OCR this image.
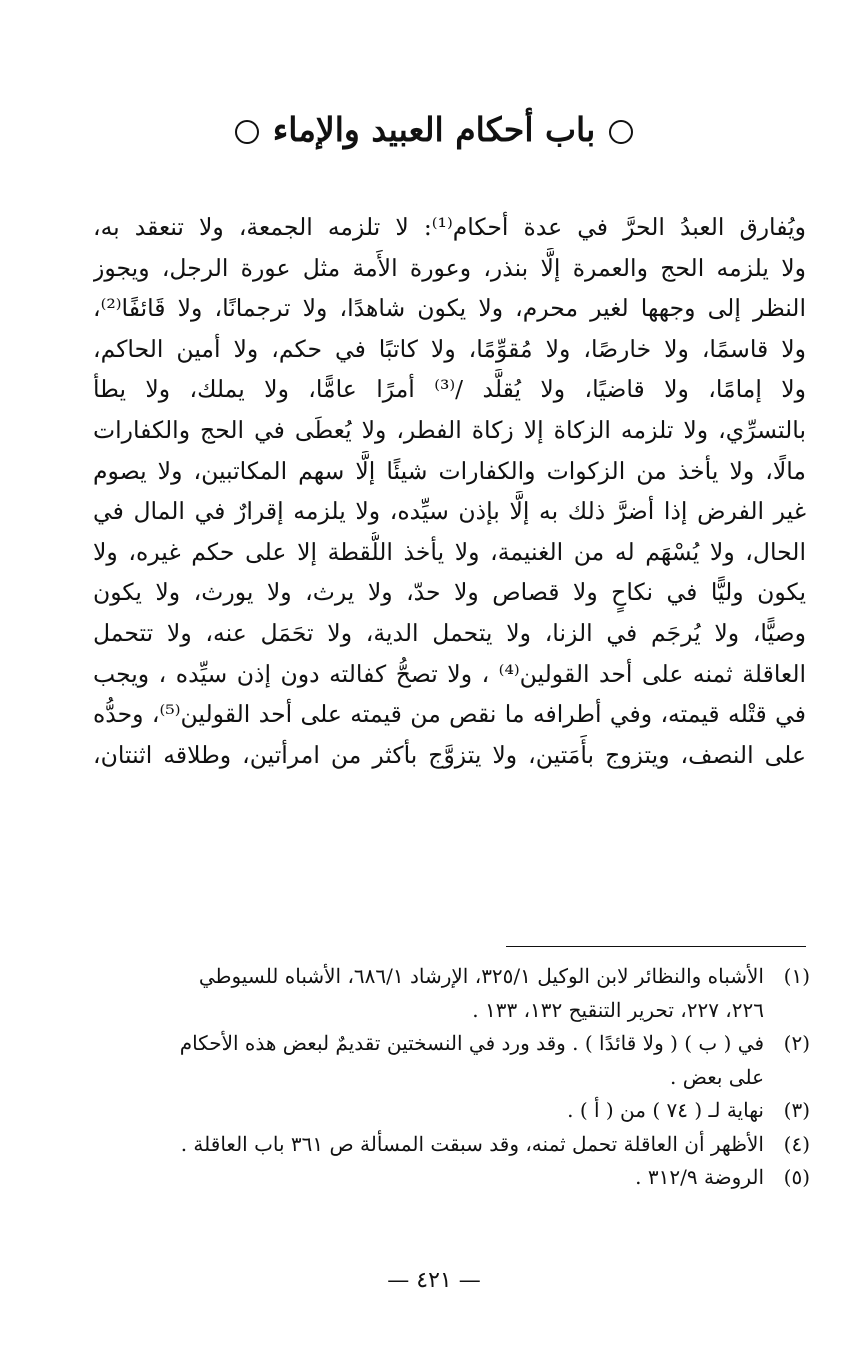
باب أحكام العبيد والإماء
ويُفارق العبدُ الحرَّ في عدة أحكام⁽¹⁾: لا تلزمه الجمعة، ولا تنعقد به،
ولا يلزمه الحج والعمرة إلَّا بنذر، وعورة الأَمة مثل عورة الرجل، ويجوز
النظر إلى وجهها لغير محرم، ولا يكون شاهدًا، ولا ترجمانًا، ولا قَائفًا⁽²⁾،
ولا قاسمًا، ولا خارصًا، ولا مُقوِّمًا، ولا كاتبًا في حكم، ولا أمين الحاكم،
ولا إمامًا، ولا قاضيًا، ولا يُقلَّد /⁽³⁾ أمرًا عامًّا، ولا يملك، ولا يطأ
بالتسرِّي، ولا تلزمه الزكاة إلا زكاة الفطر، ولا يُعطَى في الحج والكفارات
مالًا، ولا يأخذ من الزكوات والكفارات شيئًا إلَّا سهم المكاتبين، ولا يصوم
غير الفرض إذا أضرَّ ذلك به إلَّا بإذن سيِّده، ولا يلزمه إقرارٌ في المال في
الحال، ولا يُسْهَم له من الغنيمة، ولا يأخذ اللُّقطة إلا على حكم غيره، ولا
يكون وليًّا في نكاحٍ ولا قصاص ولا حدّ، ولا يرث، ولا يورث، ولا يكون
وصيًّا، ولا يُرجَم في الزنا، ولا يتحمل الدية، ولا تحَمَل عنه، ولا تتحمل
العاقلة ثمنه على أحد القولين⁽⁴⁾ ، ولا تصحُّ كفالته دون إذن سيِّده ، ويجب
في قتْله قيمته، وفي أطرافه ما نقص من قيمته على أحد القولين⁽⁵⁾، وحدُّه
على النصف، ويتزوج بأَمَتين، ولا يتزوَّج بأكثر من امرأتين، وطلاقه اثنتان،
(١)
الأشباه والنظائر لابن الوكيل ٣٢٥/١، الإرشاد ٦٨٦/١، الأشباه للسيوطي
٢٢٦، ٢٢٧، تحرير التنقيح ١٣٢، ١٣٣ .
(٢)
في ( ب ) ( ولا قائدًا ) . وقد ورد في النسختين تقديمٌ لبعض هذه الأحكام
على بعض .
(٣)
نهاية لـ ( ٧٤ ) من ( أ ) .
(٤)
الأظهر أن العاقلة تحمل ثمنه، وقد سبقت المسألة ص ٣٦١ باب العاقلة .
(٥)
الروضة ٣١٢/٩ .
— ٤٢١ —
